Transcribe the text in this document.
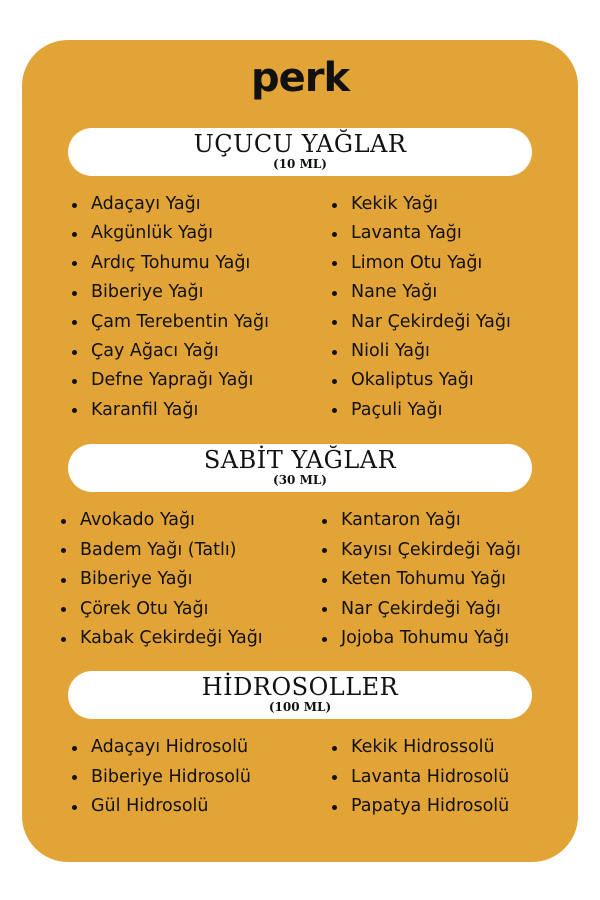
perk
UÇUCU YAĞLAR
(10 ML)
Adaçayı Yağı
Akgünlük Yağı
Ardıç Tohumu Yağı
Biberiye Yağı
Çam Terebentin Yağı
Çay Ağacı Yağı
Defne Yaprağı Yağı
Karanfil Yağı
Kekik Yağı
Lavanta Yağı
Limon Otu Yağı
Nane Yağı
Nar Çekirdeği Yağı
Nioli Yağı
Okaliptus Yağı
Paçuli Yağı
SABİT YAĞLAR
(30 ML)
Avokado Yağı
Badem Yağı (Tatlı)
Biberiye Yağı
Çörek Otu Yağı
Kabak Çekirdeği Yağı
Kantaron Yağı
Kayısı Çekirdeği Yağı
Keten Tohumu Yağı
Nar Çekirdeği Yağı
Jojoba Tohumu Yağı
HİDROSOLLER
(100 ML)
Adaçayı Hidrosolü
Biberiye Hidrosolü
Gül Hidrosolü
Kekik Hidrossolü
Lavanta Hidrosolü
Papatya Hidrosolü
